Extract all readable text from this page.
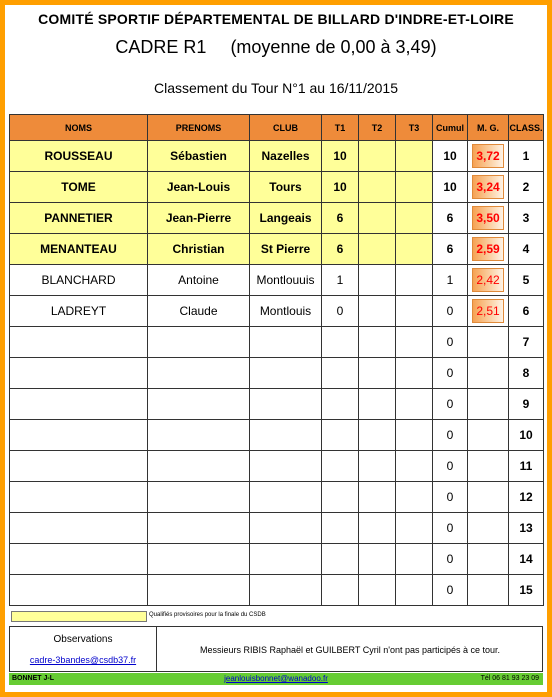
COMITÉ SPORTIF DÉPARTEMENTAL DE BILLARD D'INDRE-ET-LOIRE
CADRE R1 (moyenne de 0,00 à 3,49)
Classement du Tour N°1 au 16/11/2015
NOMS	PRENOMS	CLUB	T1	T2	T3	Cumul	M. G.	CLASS.
ROUSSEAU	Sébastien	Nazelles	10			10	3,72	1
TOME	Jean-Louis	Tours	10			10	3,24	2
PANNETIER	Jean-Pierre	Langeais	6			6	3,50	3
MENANTEAU	Christian	St Pierre	6			6	2,59	4
BLANCHARD	Antoine	Montlouuis	1			1	2,42	5
LADREYT	Claude	Montlouis	0			0	2,51	6
						0		7
						0		8
						0		9
						0		10
						0		11
						0		12
						0		13
						0		14
						0		15
Qualifiés provisoires pour la finale du CSDB
Observations
cadre-3bandes@csdb37.fr
Messieurs RIBIS Raphaël et GUILBERT Cyril n'ont pas participés à ce tour.
BONNET J-L	jeanlouisbonnet@wanadoo.fr	Tél 06 81 93 23 09
